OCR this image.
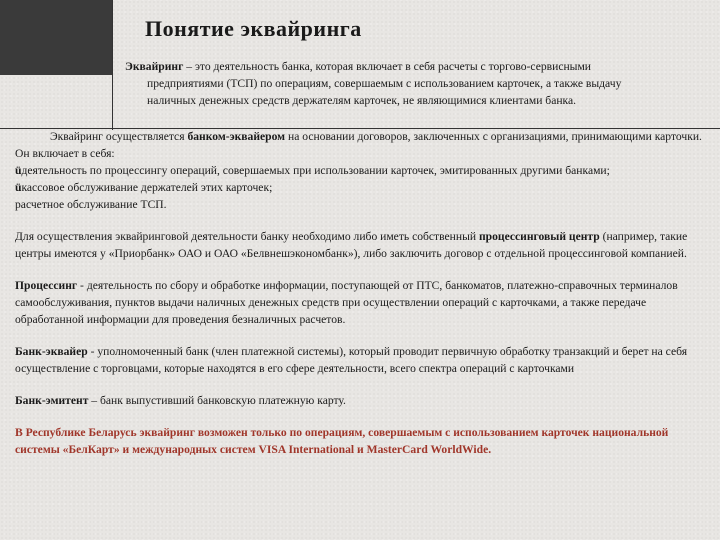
Понятие эквайринга

Эквайринг – это деятельность банка, которая включает в себя расчеты с торгово-сервисными

предприятиями (ТСП) по операциям, совершаемым с использованием карточек, а также выдачу

наличных денежных средств держателям карточек, не являющимися клиентами банка.

Эквайринг осуществляется банком-эквайером на основании договоров, заключенных с организациями, принимающими карточки. Он включает в себя:

üдеятельность по процессингу операций, совершаемых при использовании карточек, эмитированных другими банками;

üкассовое обслуживание держателей этих карточек;

расчетное обслуживание ТСП.

Для осуществления эквайринговой деятельности банку необходимо либо иметь собственный процессинговый центр (например, такие центры имеются у «Приорбанк» ОАО и ОАО «Белвнешэкономбанк»), либо заключить договор с отдельной процессинговой компанией.

Процессинг - деятельность по сбору и обработке информации, поступающей от ПТС, банкоматов, платежно-справочных терминалов самообслуживания, пунктов выдачи наличных денежных средств при осуществлении операций с карточками, а также передаче обработанной информации для проведения безналичных расчетов.

Банк-эквайер - уполномоченный банк (член платежной системы), который проводит первичную обработку транзакций и берет на себя осуществление с торговцами, которые находятся в его сфере деятельности, всего спектра операций с карточками

Банк-эмитент – банк выпустивший банковскую платежную карту.

В Республике Беларусь эквайринг возможен только по операциям, совершаемым с использованием карточек национальной системы «БелКарт» и международных систем VISA International и MasterCard WorldWide.
